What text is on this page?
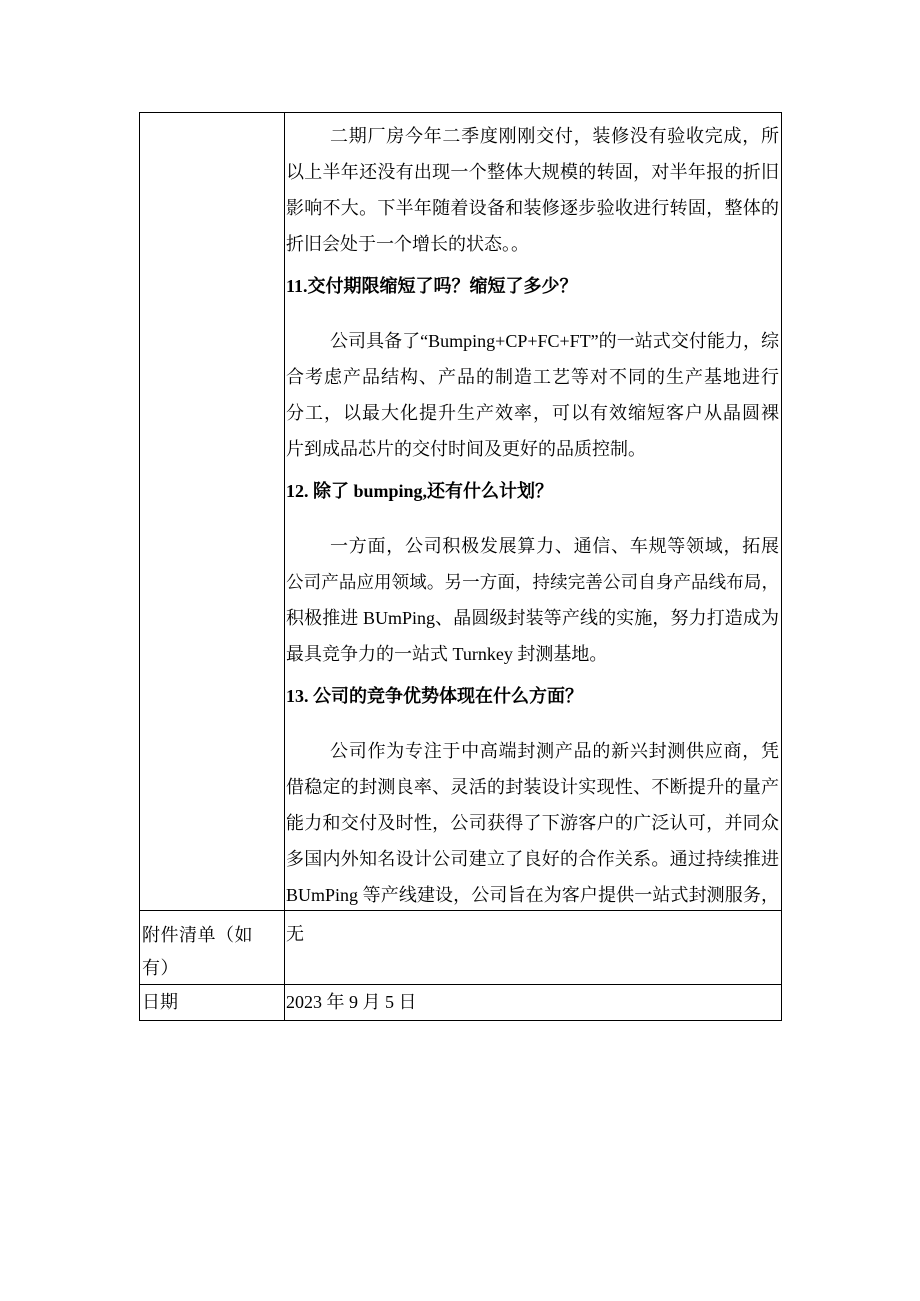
二期厂房今年二季度刚刚交付，装修没有验收完成，所
以上半年还没有出现一个整体大规模的转固，对半年报的折旧
影响不大。下半年随着设备和装修逐步验收进行转固，整体的
折旧会处于一个增长的状态。。
11.交付期限缩短了吗？缩短了多少？
公司具备了“Bumping+CP+FC+FT”的一站式交付能力，综
合考虑产品结构、产品的制造工艺等对不同的生产基地进行
分工，以最大化提升生产效率，可以有效缩短客户从晶圆裸
片到成品芯片的交付时间及更好的品质控制。
12. 除了 bumping,还有什么计划？
一方面，公司积极发展算力、通信、车规等领域，拓展
公司产品应用领域。另一方面，持续完善公司自身产品线布局，
积极推进 BUmPing、晶圆级封装等产线的实施，努力打造成为
最具竞争力的一站式 Turnkey 封测基地。
13. 公司的竞争优势体现在什么方面？
公司作为专注于中高端封测产品的新兴封测供应商，凭
借稳定的封测良率、灵活的封装设计实现性、不断提升的量产
能力和交付及时性，公司获得了下游客户的广泛认可，并同众
多国内外知名设计公司建立了良好的合作关系。通过持续推进
BUmPing 等产线建设，公司旨在为客户提供一站式封测服务，
附件清单（如有）
无
日期	2023 年 9 月 5 日
